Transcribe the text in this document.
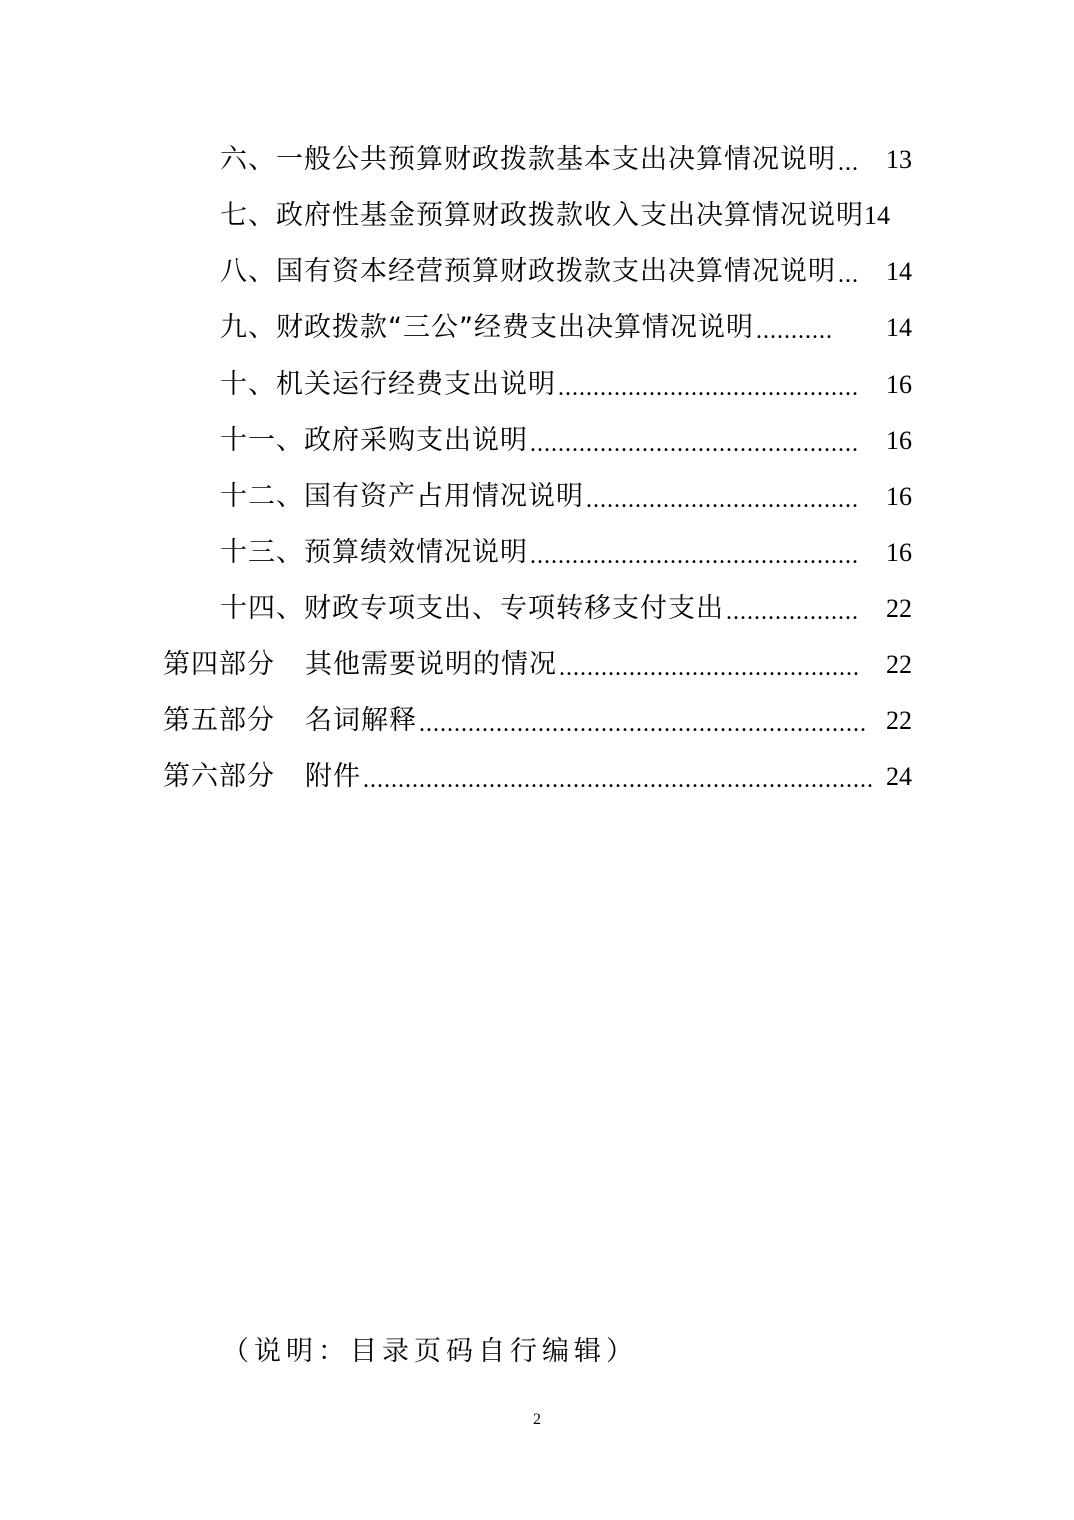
六、一般公共预算财政拨款基本支出决算情况说明 ...	13
七、政府性基金预算财政拨款收入支出决算情况说明 14
八、国有资本经营预算财政拨款支出决算情况说明 ...	14
九、财政拨款“三公”经费支出决算情况说明 ...........	14
十、机关运行经费支出说明 ...........................................	16
十一、政府采购支出说明 ...............................................	16
十二、国有资产占用情况说明 .......................................	16
十三、预算绩效情况说明 ...............................................	16
十四、财政专项支出、专项转移支付支出 ...................	22
第四部分 其他需要说明的情况 ...........................................	22
第五部分 名词解释 ................................................................ 22
第六部分 附件 ......................................................................... 24
（说明：目录页码自行编辑）
2
